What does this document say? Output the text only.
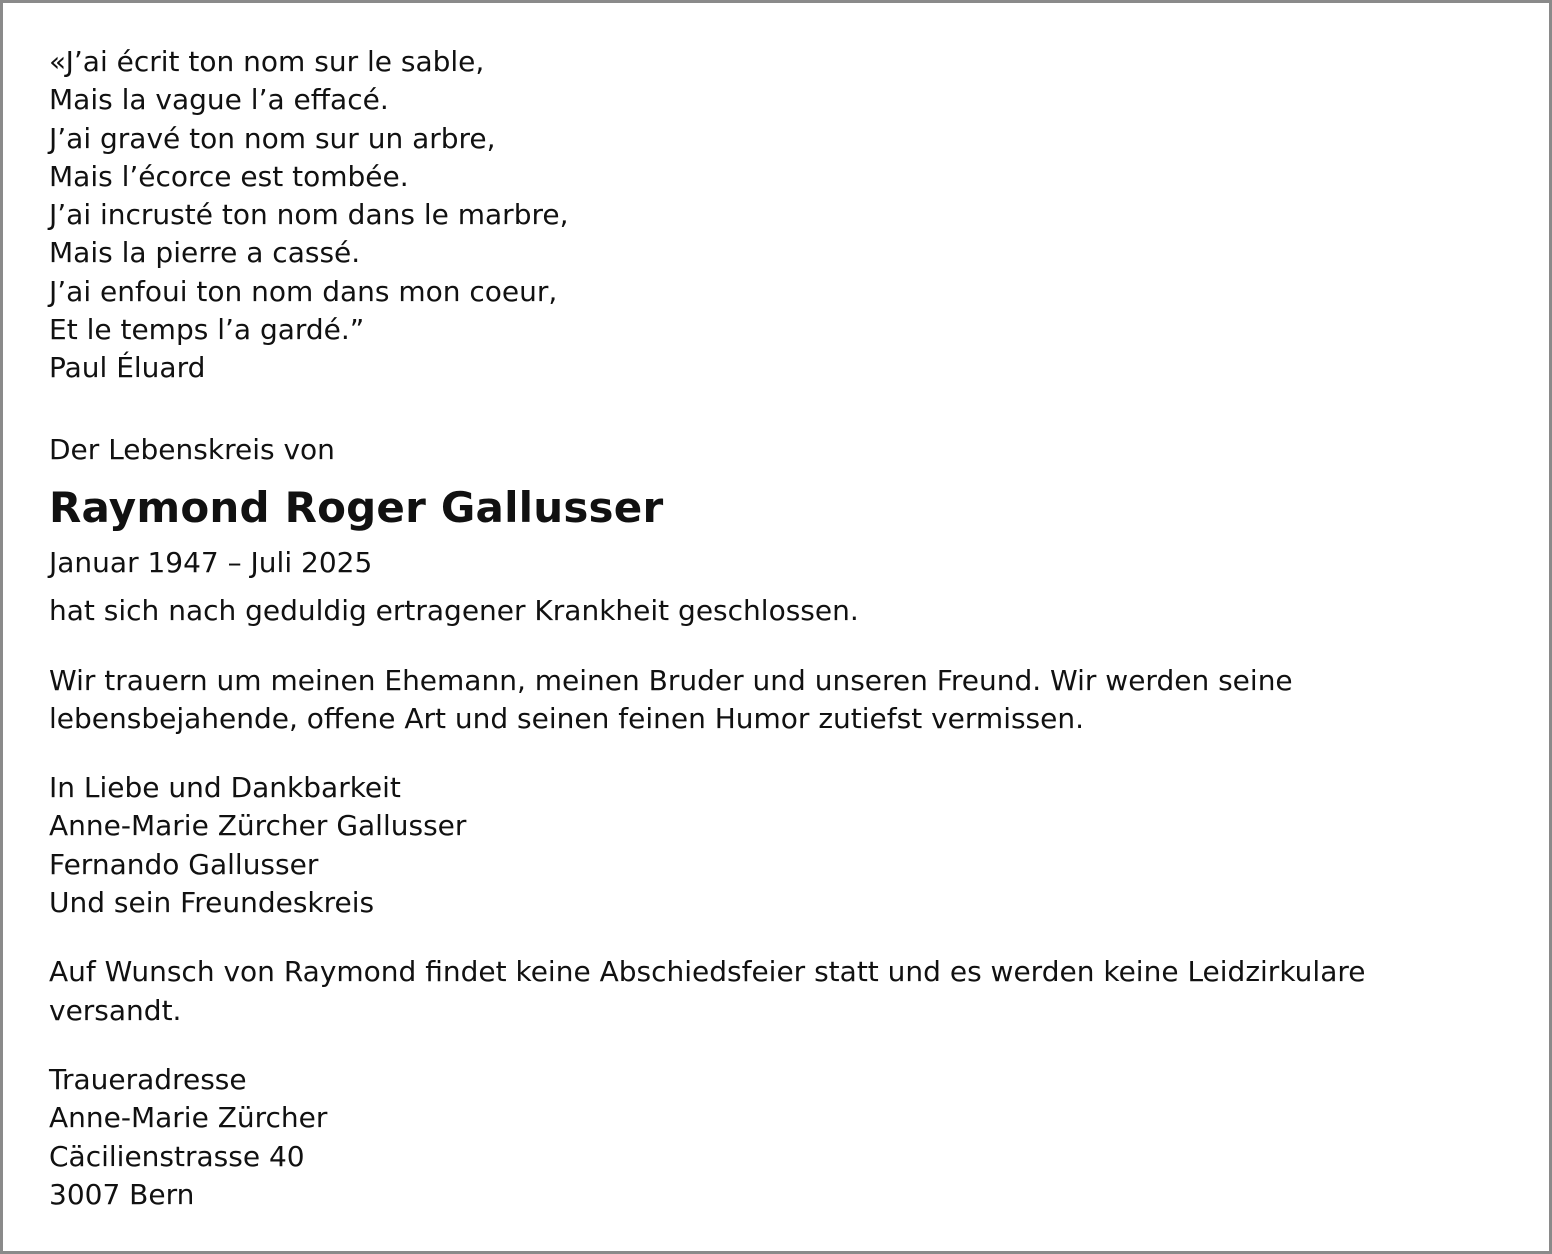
«J’ai écrit ton nom sur le sable,
Mais la vague l’a effacé.
J’ai gravé ton nom sur un arbre,
Mais l’écorce est tombée.
J’ai incrusté ton nom dans le marbre,
Mais la pierre a cassé.
J’ai enfoui ton nom dans mon coeur,
Et le temps l’a gardé.”
Paul Éluard
Der Lebenskreis von
Raymond Roger Gallusser
Januar 1947 – Juli 2025
hat sich nach geduldig ertragener Krankheit geschlossen.
Wir trauern um meinen Ehemann, meinen Bruder und unseren Freund. Wir werden seine
lebensbejahende, offene Art und seinen feinen Humor zutiefst vermissen.
In Liebe und Dankbarkeit
Anne-Marie Zürcher Gallusser
Fernando Gallusser
Und sein Freundeskreis
Auf Wunsch von Raymond findet keine Abschiedsfeier statt und es werden keine Leidzirkulare
versandt.
Traueradresse
Anne-Marie Zürcher
Cäcilienstrasse 40
3007 Bern
